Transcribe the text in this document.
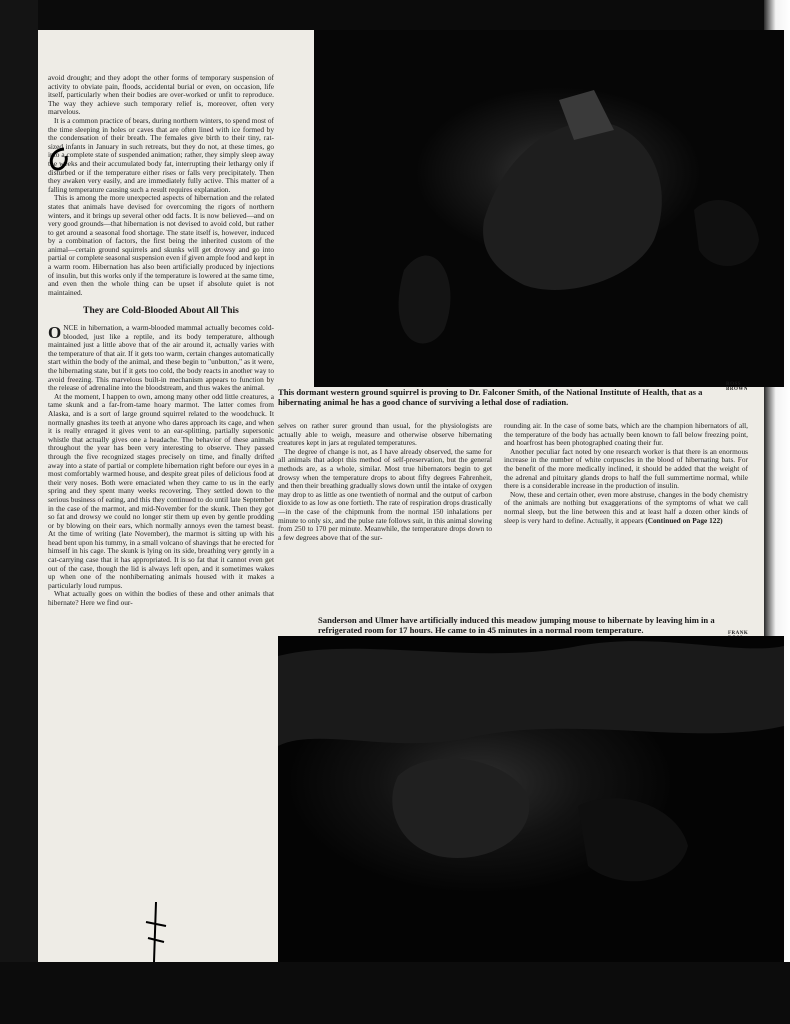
avoid drought; and they adopt the other forms of temporary suspension of activity to obviate pain, floods, accidental burial or even, on occasion, life itself, particularly when their bodies are over-worked or unfit to reproduce. The way they achieve such temporary relief is, moreover, often very marvelous.

It is a common practice of bears, during northern winters, to spend most of the time sleeping in holes or caves that are often lined with ice formed by the condensation of their breath. The females give birth to their tiny, rat-sized infants in January in such retreats, but they do not, at these times, go into a complete state of suspended animation; rather, they simply sleep away the weeks and their accumulated body fat, interrupting their lethargy only if disturbed or if the temperature either rises or falls very precipitately. Then they awaken very easily, and are immediately fully active. This matter of a falling temperature causing such a result requires explanation.

This is among the more unexpected aspects of hibernation and the related states that animals have devised for overcoming the rigors of northern winters, and it brings up several other odd facts. It is now believed—and on very good grounds—that hibernation is not devised to avoid cold, but rather to get around a seasonal food shortage. The state itself is, however, induced by a combination of factors, the first being the inherited custom of the animal—certain ground squirrels and skunks will get drowsy and go into partial or complete seasonal suspension even if given ample food and kept in a warm room. Hibernation has also been artificially produced by injections of insulin, but this works only if the temperature is lowered at the same time, and even then the whole thing can be upset if absolute quiet is not maintained.

They are Cold-Blooded About All This

ONCE in hibernation, a warm-blooded mammal actually becomes cold-blooded, just like a reptile, and its body temperature, although maintained just a little above that of the air around it, actually varies with the temperature of that air. If it gets too warm, certain changes automatically start within the body of the animal, and these begin to "unbutton," as it were, the hibernating state, but if it gets too cold, the body reacts in another way to avoid freezing. This marvelous built-in mechanism appears to function by the release of adrenaline into the bloodstream, and thus wakes the animal.

At the moment, I happen to own, among many other odd little creatures, a tame skunk and a far-from-tame hoary marmot. The latter comes from Alaska, and is a sort of large ground squirrel related to the woodchuck. It normally gnashes its teeth at anyone who dares approach its cage, and when it is really enraged it gives vent to an ear-splitting, partially supersonic whistle that actually gives one a headache. The behavior of these animals throughout the year has been very interesting to observe. They passed through the five recognized stages precisely on time, and finally drifted away into a state of partial or complete hibernation right before our eyes in a most comfortably warmed house, and despite great piles of delicious food at their very noses. Both were emaciated when they came to us in the early spring and they spent many weeks recovering. They settled down to the serious business of eating, and this they continued to do until late September in the case of the marmot, and mid-November for the skunk. Then they got so fat and drowsy we could no longer stir them up even by gentle prodding or by blowing on their ears, which normally annoys even the tamest beast. At the time of writing (late November), the marmot is sitting up with his head bent upon his tummy, in a small volcano of shavings that he erected for himself in his cage. The skunk is lying on its side, breathing very gently in a cat-carrying case that it has appropriated. It is so fat that it cannot even get out of the case, though the lid is always left open, and it sometimes wakes up when one of the nonhibernating animals housed with it makes a particularly loud rumpus.

What actually goes on within the bodies of these and other animals that hibernate? Here we find our-

ROSS BROWN
This dormant western ground squirrel is proving to Dr. Falconer Smith, of the National Institute of Health, that as a hibernating animal he has a good chance of surviving a lethal dose of radiation.

selves on rather surer ground than usual, for the physiologists are actually able to weigh, measure and otherwise observe hibernating creatures kept in jars at regulated temperatures.

The degree of change is not, as I have already observed, the same for all animals that adopt this method of self-preservation, but the general methods are, as a whole, similar. Most true hibernators begin to get drowsy when the temperature drops to about fifty degrees Fahrenheit, and then their breathing gradually slows down until the intake of oxygen may drop to as little as one twentieth of normal and the output of carbon dioxide to as low as one fortieth. The rate of respiration drops drastically—in the case of the chipmunk from the normal 150 inhalations per minute to only six, and the pulse rate follows suit, in this animal slowing from 250 to 170 per minute. Meanwhile, the temperature drops down to a few degrees above that of the sur-

rounding air. In the case of some bats, which are the champion hibernators of all, the temperature of the body has actually been known to fall below freezing point, and hoarfrost has been photographed coating their fur.

Another peculiar fact noted by one research worker is that there is an enormous increase in the number of white corpuscles in the blood of hibernating bats. For the benefit of the more medically inclined, it should be added that the weight of the adrenal and pituitary glands drops to half the full summertime normal, while there is a considerable increase in the production of insulin.

Now, these and certain other, even more abstruse, changes in the body chemistry of the animals are nothing but exaggerations of the symptoms of what we call normal sleep, but the line between this and at least half a dozen other kinds of sleep is very hard to define. Actually, it appears (Continued on Page 122)

Sanderson and Ulmer have artificially induced this meadow jumping mouse to hibernate by leaving him in a refrigerated room for 17 hours. He came to in 45 minutes in a normal room temperature.	FRANK
